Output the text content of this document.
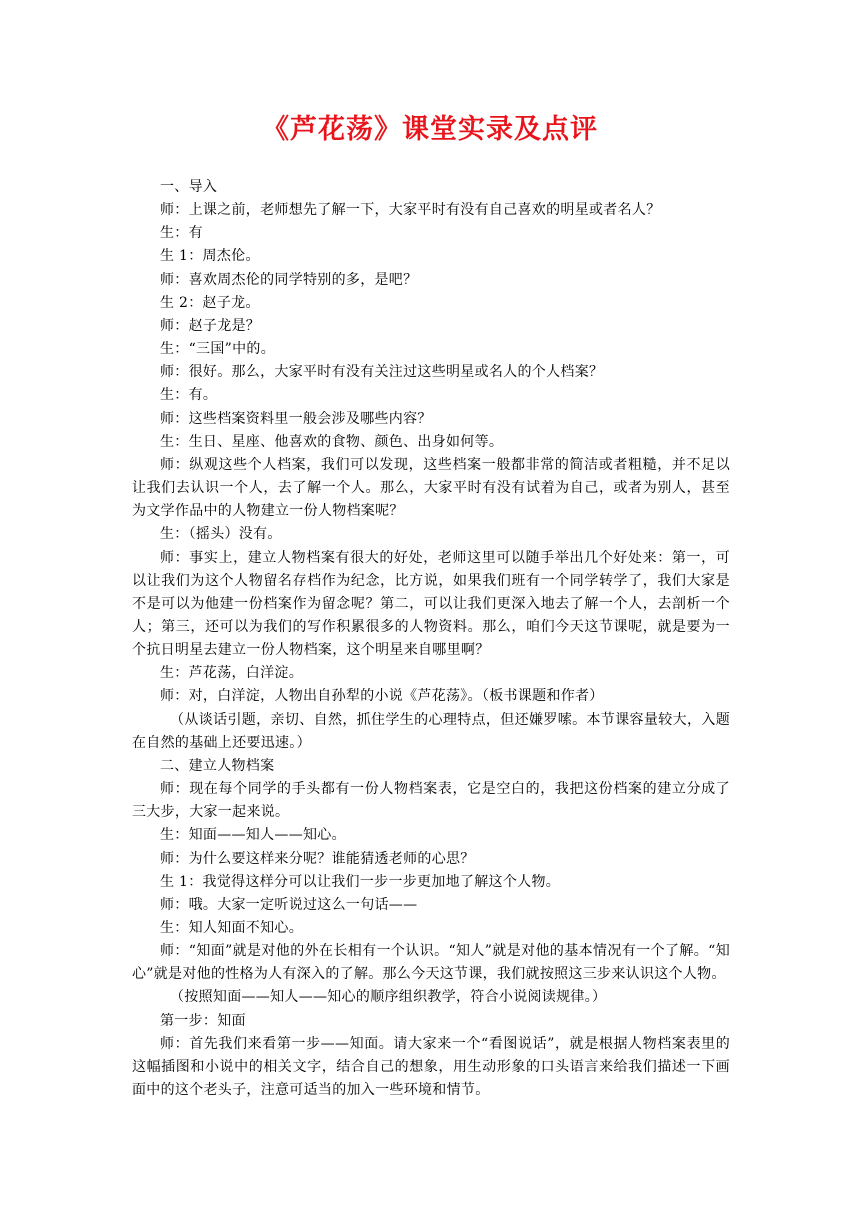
《芦花荡》课堂实录及点评

一、导入

师：上课之前，老师想先了解一下，大家平时有没有自己喜欢的明星或者名人？

生：有

生 1：周杰伦。

师：喜欢周杰伦的同学特别的多，是吧？

生 2：赵子龙。

师：赵子龙是？

生：“三国”中的。

师：很好。那么，大家平时有没有关注过这些明星或名人的个人档案？

生：有。

师：这些档案资料里一般会涉及哪些内容？

生：生日、星座、他喜欢的食物、颜色、出身如何等。

师：纵观这些个人档案，我们可以发现，这些档案一般都非常的简洁或者粗糙，并不足以让我们去认识一个人，去了解一个人。那么，大家平时有没有试着为自己，或者为别人，甚至为文学作品中的人物建立一份人物档案呢？

生：（摇头）没有。

师：事实上，建立人物档案有很大的好处，老师这里可以随手举出几个好处来：第一，可以让我们为这个人物留名存档作为纪念，比方说，如果我们班有一个同学转学了，我们大家是不是可以为他建一份档案作为留念呢？第二，可以让我们更深入地去了解一个人，去剖析一个人；第三，还可以为我们的写作积累很多的人物资料。那么，咱们今天这节课呢，就是要为一个抗日明星去建立一份人物档案，这个明星来自哪里啊？

生：芦花荡，白洋淀。

师：对，白洋淀，人物出自孙犁的小说《芦花荡》。（板书课题和作者）

（从谈话引题，亲切、自然，抓住学生的心理特点，但还嫌罗嗦。本节课容量较大，入题在自然的基础上还要迅速。）

二、建立人物档案

师：现在每个同学的手头都有一份人物档案表，它是空白的，我把这份档案的建立分成了三大步，大家一起来说。

生：知面——知人——知心。

师：为什么要这样来分呢？谁能猜透老师的心思？

生 1：我觉得这样分可以让我们一步一步更加地了解这个人物。

师：哦。大家一定听说过这么一句话——

生：知人知面不知心。

师：“知面”就是对他的外在长相有一个认识。“知人”就是对他的基本情况有一个了解。“知心”就是对他的性格为人有深入的了解。那么今天这节课，我们就按照这三步来认识这个人物。

（按照知面——知人——知心的顺序组织教学，符合小说阅读规律。）

第一步：知面

师：首先我们来看第一步——知面。请大家来一个“看图说话”，就是根据人物档案表里的这幅插图和小说中的相关文字，结合自己的想象，用生动形象的口头语言来给我们描述一下画面中的这个老头子，注意可适当的加入一些环境和情节。
